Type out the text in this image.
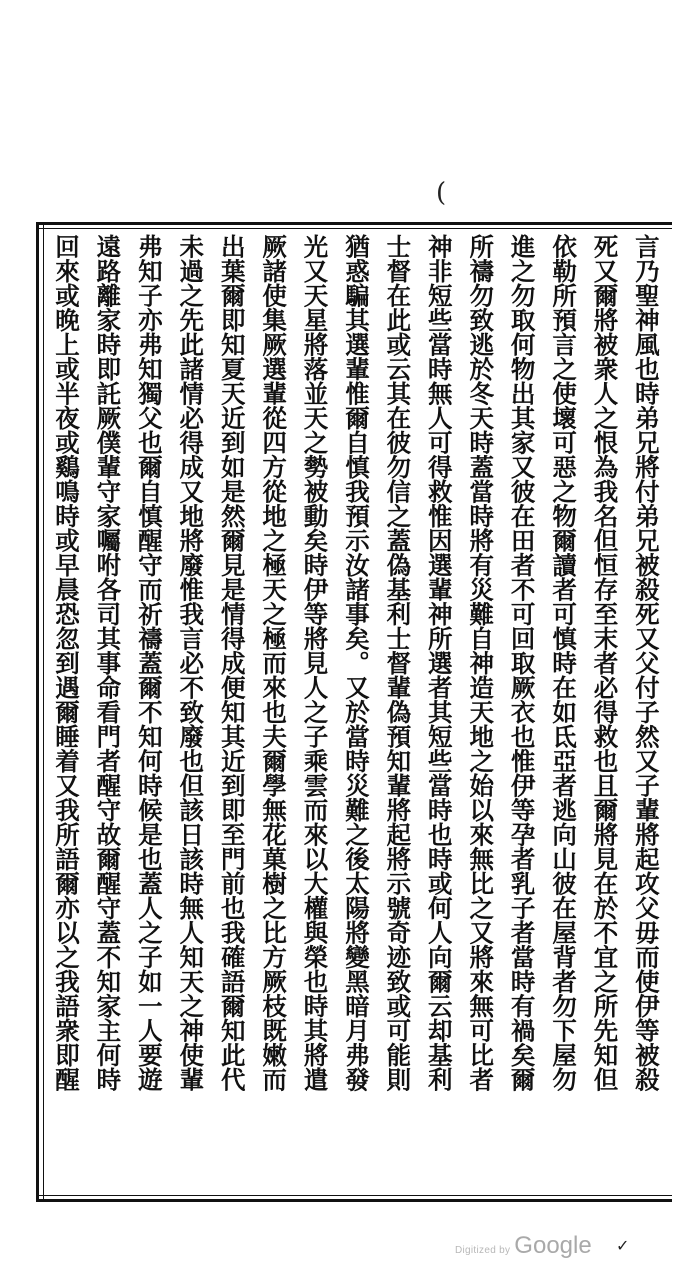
(
言乃聖神風也時弟兄將付弟兄被殺死又父付子然又子輩將起攻父毋而使伊等被殺
死又爾將被衆人之恨為我名但恒存至末者必得救也且爾將見在於不宜之所先知但
依勒所預言之使壞可惡之物爾讀者可慎時在如氐亞者逃向山彼在屋背者勿下屋勿
進之勿取何物出其家又彼在田者不可回取厥衣也惟伊等孕者乳子者當時有禍矣爾
所禱勿致逃於冬天時蓋當時將有災難自神造天地之始以來無比之又將來無可比者
神非短些當時無人可得救惟因選輩神所選者其短些當時也時或何人向爾云却基利
士督在此或云其在彼勿信之蓋偽基利士督輩偽預知輩將起將示號奇迹致或可能則
猶惑騙其選輩惟爾自慎我預示汝諸事矣。又於當時災難之後太陽將變黑暗月弗發
光又天星將落並天之勢被動矣時伊等將見人之子乘雲而來以大權與榮也時其將遣
厥諸使集厥選輩從四方從地之極天之極而來也夫爾學無花菓樹之比方厥枝既嫩而
出葉爾即知夏天近到如是然爾見是情得成便知其近到即至門前也我確語爾知此代
未過之先此諸情必得成又地將廢惟我言必不致廢也但該日該時無人知天之神使輩
弗知子亦弗知獨父也爾自慎醒守而祈禱蓋爾不知何時候是也蓋人之子如一人要遊
遠路離家時即託厥僕輩守家囑咐各司其事命看門者醒守故爾醒守蓋不知家主何時
回來或晚上或半夜或鷄鳴時或早晨恐忽到遇爾睡着又我所語爾亦以之我語衆即醒
Digitized by Google ✓
